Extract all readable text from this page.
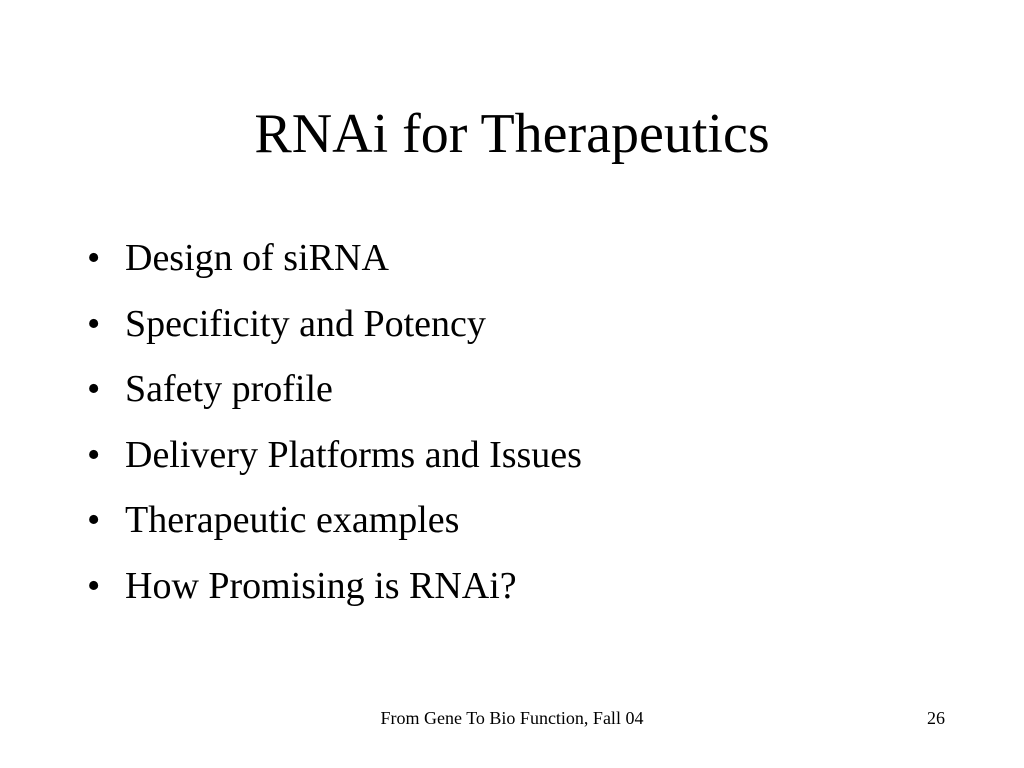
RNAi for Therapeutics
• Design of siRNA
• Specificity and Potency
• Safety profile
• Delivery Platforms and Issues
• Therapeutic examples
• How Promising is RNAi?
From Gene To Bio Function, Fall 04	26
